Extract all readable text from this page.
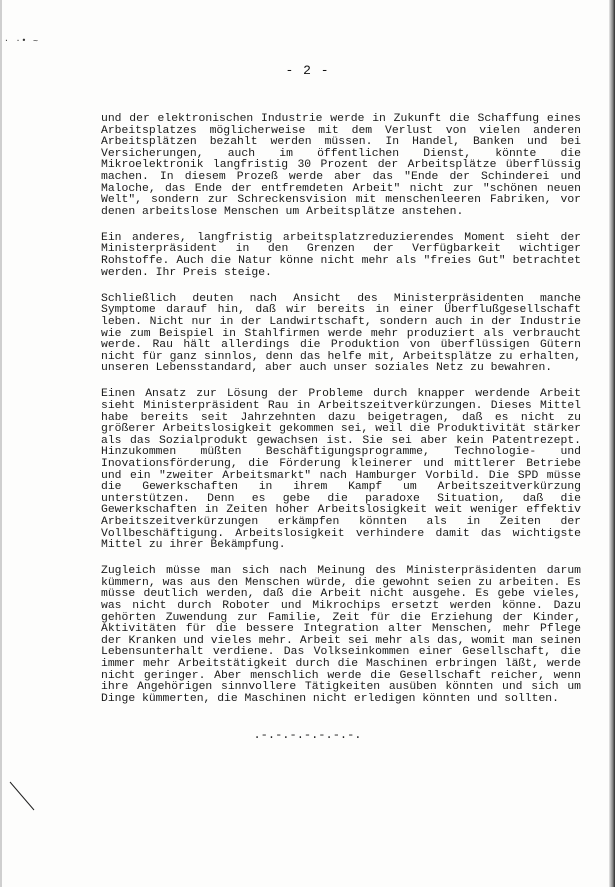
· ·• ~
- 2 -

und der elektronischen Industrie werde in Zukunft die Schaffung eines Arbeitsplatzes möglicherweise mit dem Verlust von vielen anderen Arbeitsplätzen bezahlt werden müssen. In Handel, Banken und bei Versicherungen, auch im öffentlichen Dienst, könnte die Mikroelektronik langfristig 30 Prozent der Arbeitsplätze überflüssig machen. In diesem Prozeß werde aber das "Ende der Schinderei und Maloche, das Ende der entfremdeten Arbeit" nicht zur "schönen neuen Welt", sondern zur Schreckensvision mit menschenleeren Fabriken, vor denen arbeitslose Menschen um Arbeitsplätze anstehen.

Ein anderes, langfristig arbeitsplatzreduzierendes Moment sieht der Ministerpräsident in den Grenzen der Verfügbarkeit wichtiger Rohstoffe. Auch die Natur könne nicht mehr als "freies Gut" betrachtet werden. Ihr Preis steige.

Schließlich deuten nach Ansicht des Ministerpräsidenten manche Symptome darauf hin, daß wir bereits in einer Überflußgesellschaft leben. Nicht nur in der Landwirtschaft, sondern auch in der Industrie wie zum Beispiel in Stahlfirmen werde mehr produziert als verbraucht werde. Rau hält allerdings die Produktion von überflüssigen Gütern nicht für ganz sinnlos, denn das helfe mit, Arbeitsplätze zu erhalten, unseren Lebensstandard, aber auch unser soziales Netz zu bewahren.

Einen Ansatz zur Lösung der Probleme durch knapper werdende Arbeit sieht Ministerpräsident Rau in Arbeitszeitverkürzungen. Dieses Mittel habe bereits seit Jahrzehnten dazu beigetragen, daß es nicht zu größerer Arbeitslosigkeit gekommen sei, weil die Produktivität stärker als das Sozialprodukt gewachsen ist. Sie sei aber kein Patentrezept. Hinzukommen müßten Beschäftigungsprogramme, Technologie- und Inovationsförderung, die Förderung kleinerer und mittlerer Betriebe und ein "zweiter Arbeitsmarkt" nach Hamburger Vorbild. Die SPD müsse die Gewerkschaften in ihrem Kampf um Arbeitszeitverkürzung unterstützen. Denn es gebe die paradoxe Situation, daß die Gewerkschaften in Zeiten hoher Arbeitslosigkeit weit weniger effektiv Arbeitszeitverkürzungen erkämpfen könnten als in Zeiten der Vollbeschäftigung. Arbeitslosigkeit verhindere damit das wichtigste Mittel zu ihrer Bekämpfung.

Zugleich müsse man sich nach Meinung des Ministerpräsidenten darum kümmern, was aus den Menschen würde, die gewohnt seien zu arbeiten. Es müsse deutlich werden, daß die Arbeit nicht ausgehe. Es gebe vieles, was nicht durch Roboter und Mikrochips ersetzt werden könne. Dazu gehörten Zuwendung zur Familie, Zeit für die Erziehung der Kinder, Aktivitäten für die bessere Integration alter Menschen, mehr Pflege der Kranken und vieles mehr. Arbeit sei mehr als das, womit man seinen Lebensunterhalt verdiene. Das Volkseinkommen einer Gesellschaft, die immer mehr Arbeitstätigkeit durch die Maschinen erbringen läßt, werde nicht geringer. Aber menschlich werde die Gesellschaft reicher, wenn ihre Angehörigen sinnvollere Tätigkeiten ausüben könnten und sich um Dinge kümmerten, die Maschinen nicht erledigen könnten und sollten.

.-.-.-.-.-.-.-.
